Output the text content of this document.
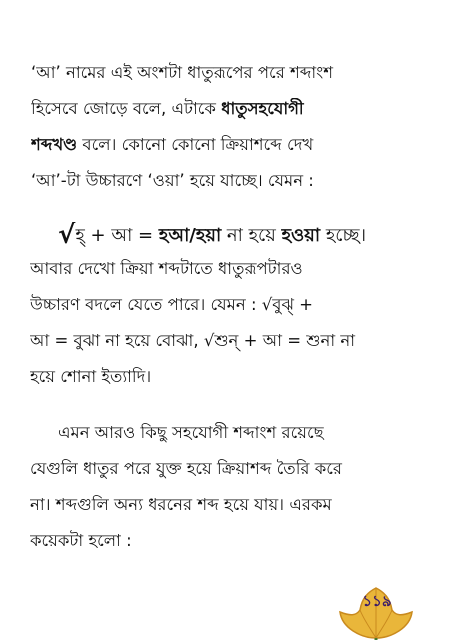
‘আ’ নামের এই অংশটা ধাতুরূপের পরে শব্দাংশ
হিসেবে জোড়ে বলে, এটাকে ধাতুসহযোগী
শব্দখণ্ড বলে। কোনো কোনো ক্রিয়াশব্দে দেখ
‘আ’-টা উচ্চারণে ‘ওয়া’ হয়ে যাচ্ছে। যেমন :
√হ্ + আ = হআ/হয়া না হয়ে হওয়া হচ্ছে।
আবার দেখো ক্রিয়া শব্দটাতে ধাতুরূপটারও
উচ্চারণ বদলে যেতে পারে। যেমন : √বুঝ্ +
আ = বুঝা না হয়ে বোঝা, √শুন্ + আ = শুনা না
হয়ে শোনা ইত্যাদি।
এমন আরও কিছু সহযোগী শব্দাংশ রয়েছে
যেগুলি ধাতুর পরে যুক্ত হয়ে ক্রিয়াশব্দ তৈরি করে
না। শব্দগুলি অন্য ধরনের শব্দ হয়ে যায়। এরকম
কয়েকটা হলো :
১১৯
